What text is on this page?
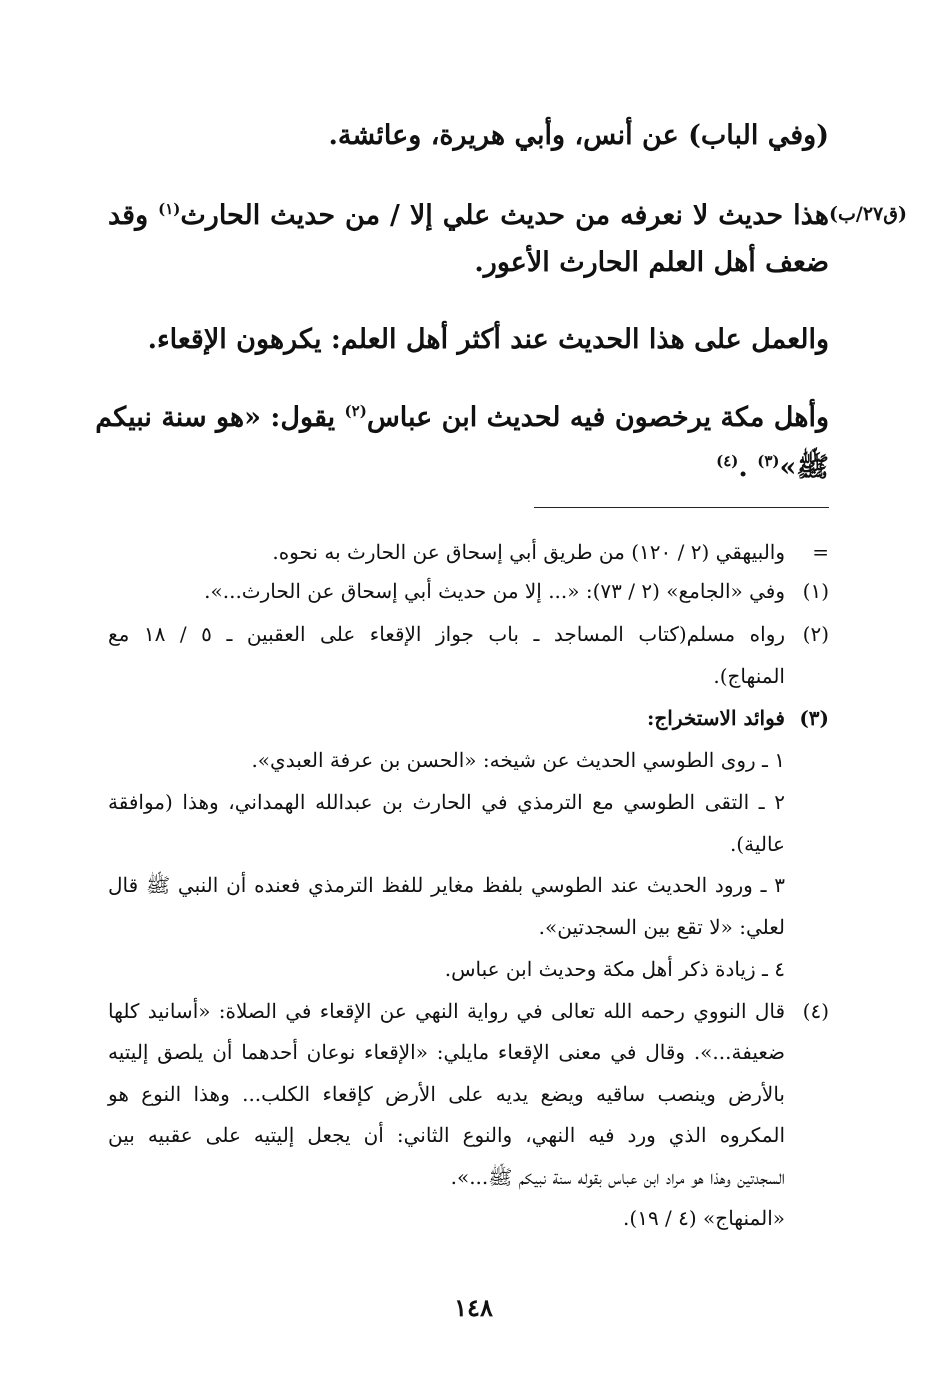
(ق٢٧/ب)
(وفي الباب) عن أنس، وأبي هريرة، وعائشة.
هذا حديث لا نعرفه من حديث علي إلا / من حديث الحارث$^{(١)}$ وقد
ضعف أهل العلم الحارث الأعور.
والعمل على هذا الحديث عند أكثر أهل العلم: يكرهون الإقعاء.
وأهل مكة يرخصون فيه لحديث ابن عباس$^{(٢)}$ يقول: «هو سنة نبيكم
ﷺ»$^{(٣)}$ .$^{(٤)}$
=والبيهقي (٢ / ١٢٠) من طريق أبي إسحاق عن الحارث به نحوه.
(١)وفي «الجامع» (٢ / ٧٣): «... إلا من حديث أبي إسحاق عن الحارث...».
(٢)رواه مسلم(كتاب المساجد ـ باب جواز الإقعاء على العقبين ـ ٥ / ١٨ مع
المنهاج).
(٣)فوائد الاستخراج:
١ ـ روى الطوسي الحديث عن شيخه: «الحسن بن عرفة العبدي».
٢ ـ التقى الطوسي مع الترمذي في الحارث بن عبدالله الهمداني، وهذا (موافقة
عالية).
٣ ـ ورود الحديث عند الطوسي بلفظ مغاير للفظ الترمذي فعنده أن النبي ﷺ قال
لعلي: «لا تقع بين السجدتين».
٤ ـ زيادة ذكر أهل مكة وحديث ابن عباس.
(٤)قال النووي رحمه الله تعالى في رواية النهي عن الإقعاء في الصلاة: «أسانيد كلها
ضعيفة...». وقال في معنى الإقعاء مايلي: «الإقعاء نوعان أحدهما أن يلصق إليتيه
بالأرض وينصب ساقيه ويضع يديه على الأرض كإقعاء الكلب... وهذا النوع هو
المكروه الذي ورد فيه النهي، والنوع الثاني: أن يجعل إليتيه على عقبيه بين
السجدتين وهذا هو مراد ابن عباس بقوله سنة نبيكم ﷺ...».
«المنهاج» (٤ / ١٩).
١٤٨
